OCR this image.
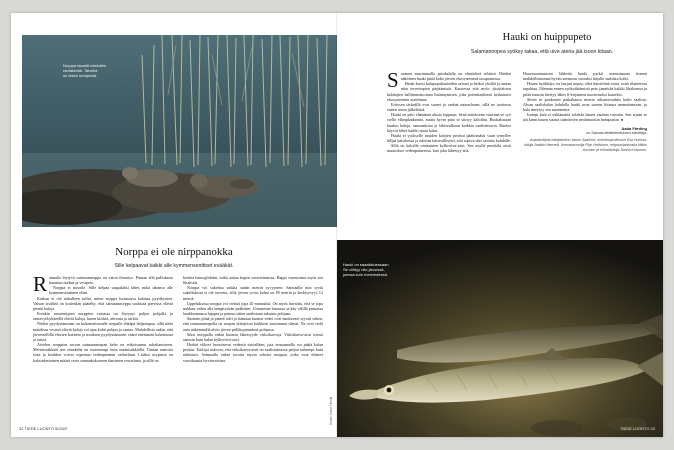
Norppa tauollä mieluiten
rantakivillä. Talvella
se tekee lumipesiä.
Norppa ei ole nirppanokka
Sille kelpaavat kaikki alle kymmensenttiset evääkät.

Rannalta löytyvä saimaannorppa on vaton ilmestys. Pinnan alla pullukasta kuoutuu notkea ja vesipeto.

Norppa ei nirsoile. Sille kelpaa suupalaksi lähes mikä tahansa alle kymmensenttinen eläin.

Kuikan ei ole tarkalleen tullut, miten norppa luonnossa kalansa pyydäystieä. Vatsan sisältöä on kuitenkin päätelty, että saimaannorppa saalistaa parvissa eläviä pieniä kaloja.

Erenkin nuoremipien norppien vatsasta on löytynyt paljon pohjalla ja rantavyöhykkeellä eläviä kaloja, kuten kiiskiä, ahvenia ja särkiä.

Niiden pyydystäminen on kokemattomalle norpalle ehkäpä helpompaa, sillä näitä matalissa vesissä eläviä kaloja voi ajaa kohti pohjaa ja rantaa. Mahdollista onkin, että järvessellillä elävien kaenem ja muiksen pyydystäminen vaatii enemmän kokemusta ja taitoa.

Aividen norppien tavoin saimaannorpan keho on erikoistunut sukeltamiseen. Merinissäkkäät sen rintakehä on rustoinenpi kuin maanisäkkäillä. Tämän ansiosta rinta ja keuhkot voivat sopeutua vedenpaineen vaihteluun. Lisäksi norpassa on kaksinkertainen määrä verta samankokoiseen ihmiseen verrattuna, ja sillä on

korkea hemoglobiini, mikä auttaa hapen varastoinnissa. Happi varastoituu myös sen lihaksiin.

Norppa voi sukeltaa vaikka sadan metrin syvyyteen. Saimaalla niin syviä sukelluksiin ei ole tarvetta, sillä järven syvin kohta on 85 metriä ja keskisyvyys 12 metriä.

Uppeluksissa norppa voi viettää jopa 20 minuuttia. On myös havaittu, että se jopa nukkuu veden alla hengitystiän pidättäen. Uinumisen lomassa se käy välillä pinnassa haukkaamassa happea ja painuu sitten uudestaan takaisin pohjaan.

Suomen pitää ja pimeä talvi ja hämaan tuomat vedet ovat haultavaet syyssä siihen, että saimaannorpalla on norpan alalajeista kaikkein suurimmat silmät. Ne ovat vielä auta näkemisellä alvin järven piilkkopimeässä pohjassa.

Siksi norppalla onkin kuonon läheisyyde viiksikarvoja. Viiksikarva-aisti toimii samoin kuin kalan kylkiviiva-aisti.

Herkät viikset havaitsevat vedessä sinitalläen, jota seuraamalla voi päätä kalan perään. Tutkijat uskovat, että viiksikarva-aisti on saalistuksessa paljon tarkempi kuin näköaisti. Saimaalla onkin tavattu täysin sokeita norppia, jotka ovat eläneet vuosikausia hyvinvoivina.

Kuvat: Kaisa Finnilä
32 TIEDE LUONTO 5/2022
Hauki on huippupeto
Salamannopea syöksy takaa, että uive ateria jää isoon kitaan.

Suomen suurimmalla petokalalla on elintärkeä tehtävä. Häiden näköinen hauki pitää koko järven ekosysteemiä tasapainossa.

Hauki karsii kalapopulaatioiden sairaat ja heikot yksilöt ja auttaa näin terveimpien pärjäämistä. Karsiessa että myös yksittäisten kalalajien hallitsemattoman lisääntymisen, joka potentiaalisesti keikuttaisi ekosysteemin asetelmaa.

Eritysen tärkeällä ovat suuret ja vanhat naarashauet, sillä ne tuottavat eniten uusia jälkeläisiä.

Hauki on peto elämänsä alusta loppuun. Senä mittaisena vauvana se syö viellä eläinplanktonia, mutta hyvin pian se siirtyy kaloihin. Ruokalistaan kuuluu kaloja, sammakoita ja lähestulkoon kaikkia saalistettavia. Ruoksi käyvät lähes kaikki muut kalat.

Hauki ei syöksylle muiden kalojen perässä päättömästi vaan tymyllee hillpa kaisikossa ja odottaa kärsivällisesti, että sopiva uhri saituist kohdalle.

Sillä on kaloille ominainen kylkiviiva-aisti. Sen avulla petokala aistii muutokset vedenpaineessa, kun joku lähestyy sitä.

Haavasaattumisen lähkeitä hauki pyrkii asemoimaan itsensä mahdollisimman hyvän asemoon suoraksi linjalle saaliista kohti.

Hauen hyökkäys on hurjan nopea, eikä ihmisilmä erota, mitä tilanteessa tapahtuu. Ihleman ennen syöksähtämistä peto jännittää kaikki lihaksensa ja pitää ruumin kiertyy lähes S-kirjaimen muotoiseksi kaareksi.

Sitten se ponkaisee paikaltansa metrin sekuntivauhtia kohti saalista. Alvan saaliskalan kohdalla hauki avaa suuren kitansa ammottamaan, ja kala imeytyy sen suumeenta.

Isompi kala ei välttämättä solahda hauen vauhun vaivatta. Sen sijaan se jää kinni hauen suusta sääntövien neulamaisiin hampaisiin. ●

Aada Färding
on Saimaa-tiedetoimituksen toimittaja.
Asiantuntijina tutkijatohtori Jarmo Saarikivi, emeritusprofessori Esa Hohtola, tutkija Jaakko Niemelä, limnoaonomiija Pirjo Hellstrom, erityisasiantuntija Mikko Auvinen ja erikoistutkija Sanna Koivunen.
Hauki on saaalistuessaan
Se viihtyy niin järvessä,
joessa kuin merivedessä.
TIEDE LUONTO 33
